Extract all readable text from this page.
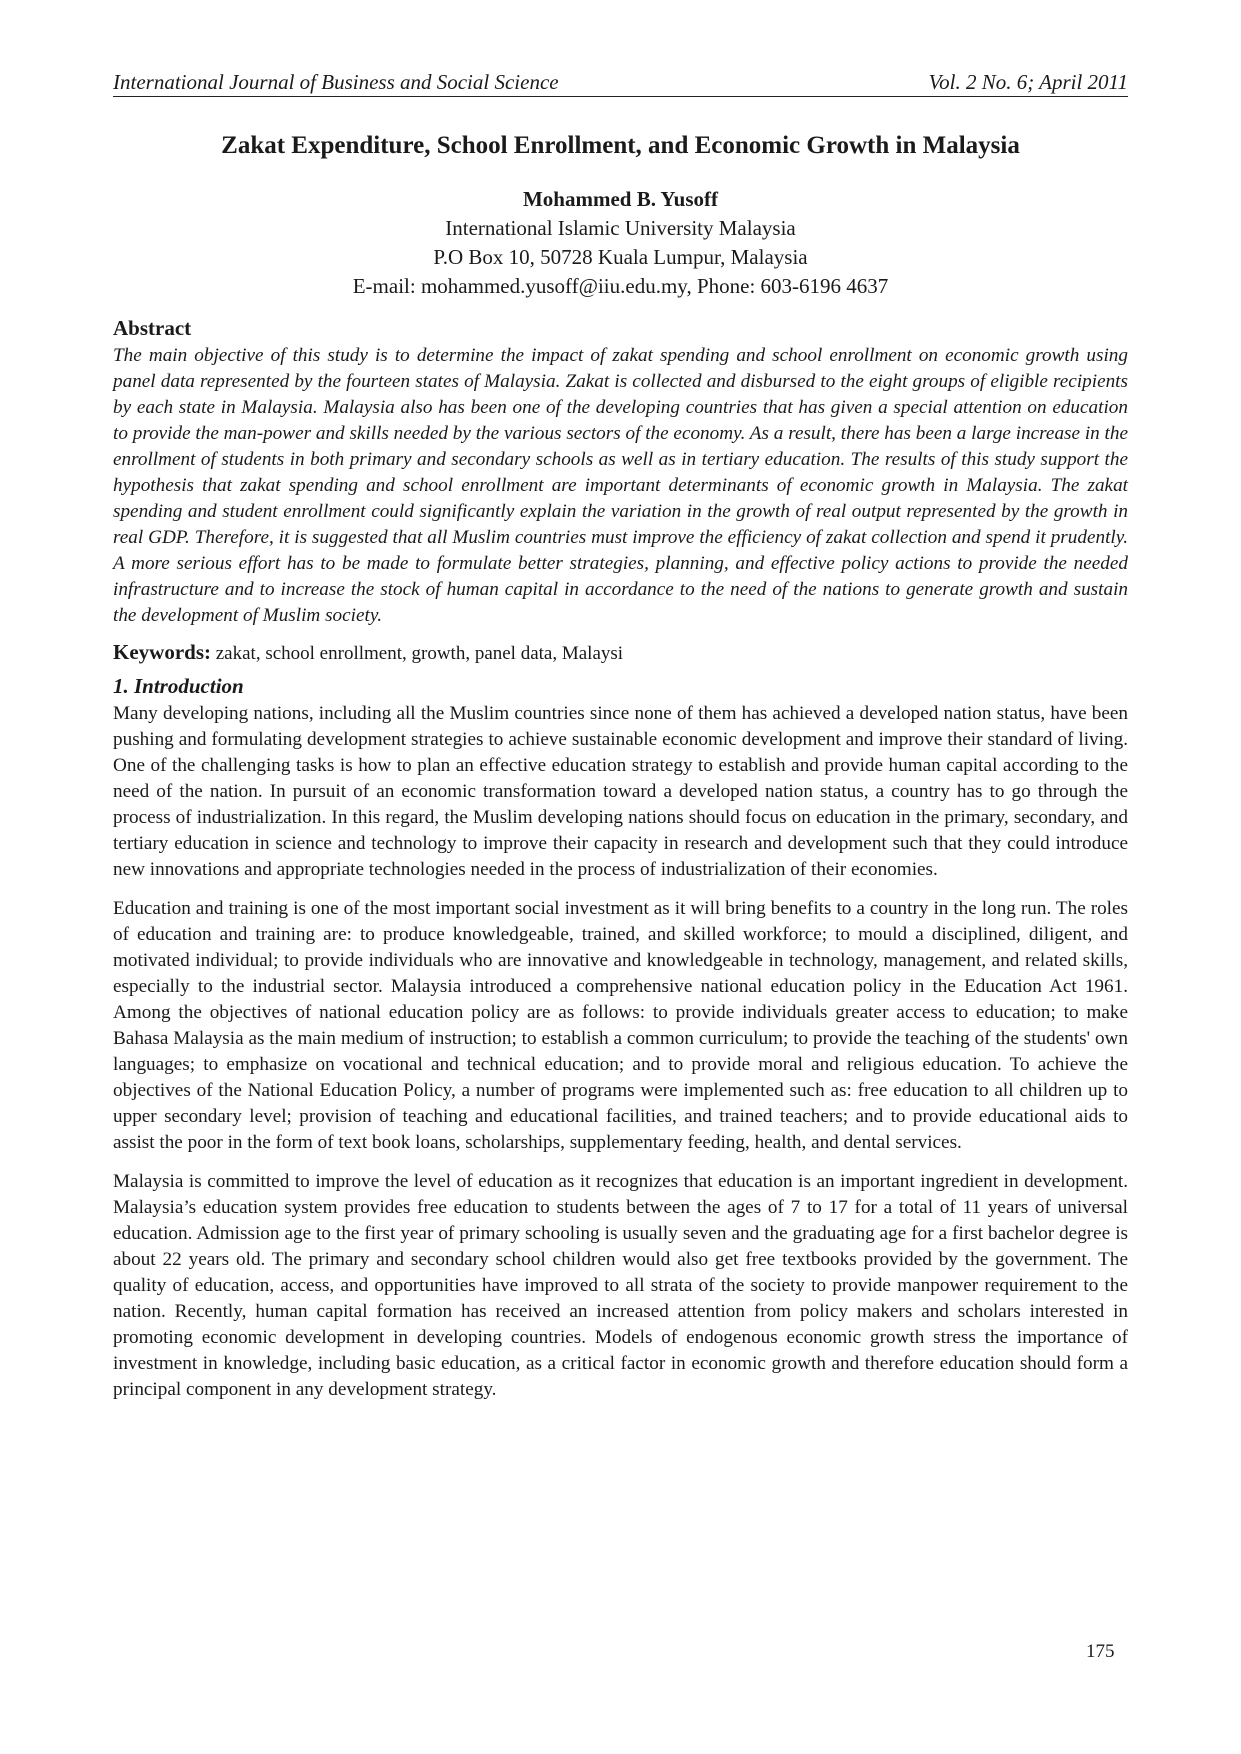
International Journal of Business and Social Science	Vol. 2 No. 6; April 2011
Zakat Expenditure, School Enrollment, and Economic Growth in Malaysia
Mohammed B. Yusoff
International Islamic University Malaysia
P.O Box 10, 50728 Kuala Lumpur, Malaysia
E-mail: mohammed.yusoff@iiu.edu.my, Phone: 603-6196 4637
Abstract
The main objective of this study is to determine the impact of zakat spending and school enrollment on economic growth using panel data represented by the fourteen states of Malaysia. Zakat is collected and disbursed to the eight groups of eligible recipients by each state in Malaysia. Malaysia also has been one of the developing countries that has given a special attention on education to provide the man-power and skills needed by the various sectors of the economy. As a result, there has been a large increase in the enrollment of students in both primary and secondary schools as well as in tertiary education. The results of this study support the hypothesis that zakat spending and school enrollment are important determinants of economic growth in Malaysia. The zakat spending and student enrollment could significantly explain the variation in the growth of real output represented by the growth in real GDP. Therefore, it is suggested that all Muslim countries must improve the efficiency of zakat collection and spend it prudently. A more serious effort has to be made to formulate better strategies, planning, and effective policy actions to provide the needed infrastructure and to increase the stock of human capital in accordance to the need of the nations to generate growth and sustain the development of Muslim society.
Keywords: zakat, school enrollment, growth, panel data, Malaysi
1. Introduction
Many developing nations, including all the Muslim countries since none of them has achieved a developed nation status, have been pushing and formulating development strategies to achieve sustainable economic development and improve their standard of living. One of the challenging tasks is how to plan an effective education strategy to establish and provide human capital according to the need of the nation. In pursuit of an economic transformation toward a developed nation status, a country has to go through the process of industrialization. In this regard, the Muslim developing nations should focus on education in the primary, secondary, and tertiary education in science and technology to improve their capacity in research and development such that they could introduce new innovations and appropriate technologies needed in the process of industrialization of their economies.
Education and training is one of the most important social investment as it will bring benefits to a country in the long run. The roles of education and training are: to produce knowledgeable, trained, and skilled workforce; to mould a disciplined, diligent, and motivated individual; to provide individuals who are innovative and knowledgeable in technology, management, and related skills, especially to the industrial sector. Malaysia introduced a comprehensive national education policy in the Education Act 1961. Among the objectives of national education policy are as follows: to provide individuals greater access to education; to make Bahasa Malaysia as the main medium of instruction; to establish a common curriculum; to provide the teaching of the students' own languages; to emphasize on vocational and technical education; and to provide moral and religious education. To achieve the objectives of the National Education Policy, a number of programs were implemented such as: free education to all children up to upper secondary level; provision of teaching and educational facilities, and trained teachers; and to provide educational aids to assist the poor in the form of text book loans, scholarships, supplementary feeding, health, and dental services.
Malaysia is committed to improve the level of education as it recognizes that education is an important ingredient in development. Malaysia’s education system provides free education to students between the ages of 7 to 17 for a total of 11 years of universal education. Admission age to the first year of primary schooling is usually seven and the graduating age for a first bachelor degree is about 22 years old. The primary and secondary school children would also get free textbooks provided by the government. The quality of education, access, and opportunities have improved to all strata of the society to provide manpower requirement to the nation. Recently, human capital formation has received an increased attention from policy makers and scholars interested in promoting economic development in developing countries. Models of endogenous economic growth stress the importance of investment in knowledge, including basic education, as a critical factor in economic growth and therefore education should form a principal component in any development strategy.
175
